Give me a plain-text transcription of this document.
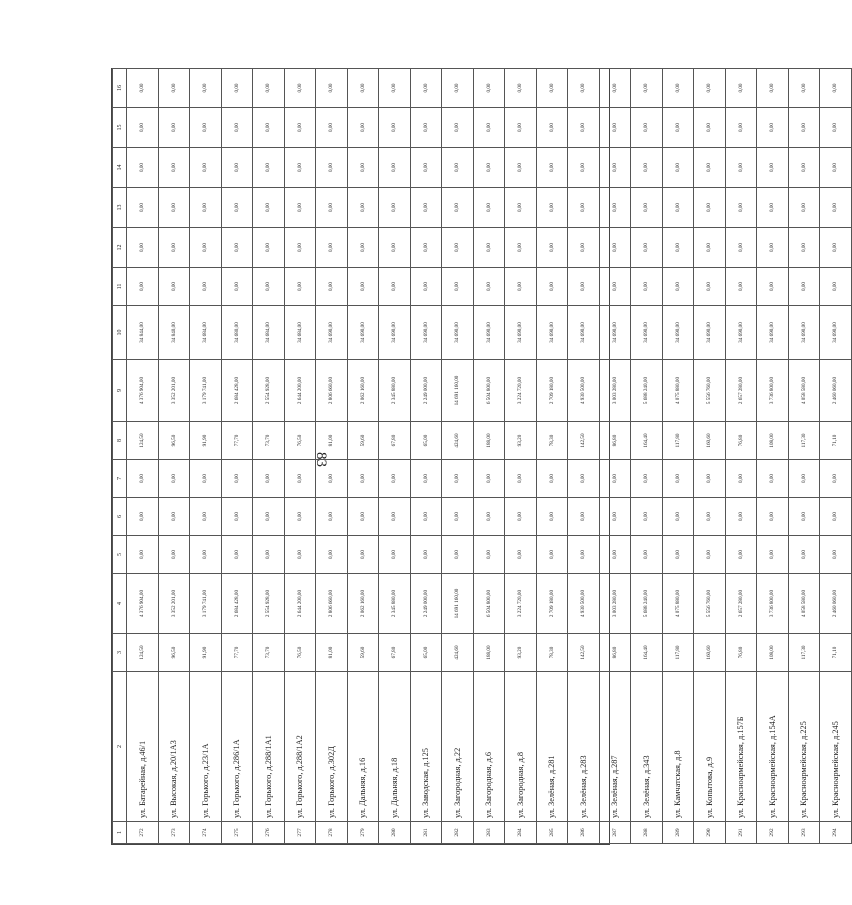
83
1	2	3	4	5	6	7	8	9	10	11	12	13	14	15	16
272	ул. Батарейная, д.46/1	124,50	4 376 904,00	0,00	0,00	0,00	124,50	4 376 904,00	34 844,00	0,00	0,00	0,00	0,00	0,00	0,00
273	ул. Высокая, д.20/1А3	96,50	3 352 201,00	0,00	0,00	0,00	96,50	3 352 201,00	34 840,00	0,00	0,00	0,00	0,00	0,00	0,00
274	ул. Горького, д.23/1А	91,90	3 179 741,00	0,00	0,00	0,00	91,90	3 179 741,00	34 684,00	0,00	0,00	0,00	0,00	0,00	0,00
275	ул. Горького, д.286/1А	77,70	2 684 428,00	0,00	0,00	0,00	77,70	2 684 428,00	34 680,00	0,00	0,00	0,00	0,00	0,00	0,00
276	ул. Горького, д.288/1А1	73,70	2 554 928,00	0,00	0,00	0,00	73,70	2 554 928,00	34 684,00	0,00	0,00	0,00	0,00	0,00	0,00
277	ул. Горького, д.288/1А2	76,50	2 644 200,00	0,00	0,00	0,00	76,50	2 644 200,00	34 684,00	0,00	0,00	0,00	0,00	0,00	0,00
278	ул. Горького, д.302Д	81,00	2 806 660,00	0,00	0,00	0,00	81,00	2 806 660,00	34 690,00	0,00	0,00	0,00	0,00	0,00	0,00
279	ул. Дальняя, д.16	59,60	2 062 160,00	0,00	0,00	0,00	59,60	2 062 160,00	34 690,00	0,00	0,00	0,00	0,00	0,00	0,00
280	ул. Дальняя, д.18	67,80	2 345 880,00	0,00	0,00	0,00	67,80	2 345 880,00	34 690,00	0,00	0,00	0,00	0,00	0,00	0,00
281	ул. Заводская, д.125	65,00	2 249 000,00	0,00	0,00	0,00	65,00	2 249 000,00	34 690,00	0,00	0,00	0,00	0,00	0,00	0,00
282	ул. Загородная, д.22	424,60	14 691 160,00	0,00	0,00	0,00	424,60	14 691 160,00	34 690,00	0,00	0,00	0,00	0,00	0,00	0,00
283	ул. Загородная, д.6	188,00	6 504 800,00	0,00	0,00	0,00	188,00	6 504 800,00	34 690,00	0,00	0,00	0,00	0,00	0,00	0,00
284	ул. Загородная, д.8	93,20	3 224 720,00	0,00	0,00	0,00	93,20	3 224 720,00	34 690,00	0,00	0,00	0,00	0,00	0,00	0,00
285	ул. Зелёная, д.281	78,30	2 709 180,00	0,00	0,00	0,00	78,30	2 709 180,00	34 690,00	0,00	0,00	0,00	0,00	0,00	0,00
286	ул. Зелёная, д.283	142,50	4 930 500,00	0,00	0,00	0,00	142,50	4 930 500,00	34 690,00	0,00	0,00	0,00	0,00	0,00	0,00
287	ул. Зелёная, д.287	86,80	3 003 280,00	0,00	0,00	0,00	86,80	3 003 280,00	34 690,00	0,00	0,00	0,00	0,00	0,00	0,00
288	ул. Зелёная, д.343	164,40	5 688 240,00	0,00	0,00	0,00	164,40	5 688 240,00	34 690,00	0,00	0,00	0,00	0,00	0,00	0,00
289	ул. Камчатская, д.8	117,80	4 075 880,00	0,00	0,00	0,00	117,80	4 075 880,00	34 690,00	0,00	0,00	0,00	0,00	0,00	0,00
290	ул. Копытова, д.9	160,60	5 556 760,00	0,00	0,00	0,00	160,60	5 556 760,00	34 690,00	0,00	0,00	0,00	0,00	0,00	0,00
291	ул. Красноармейская, д.157Б	76,80	2 657 280,00	0,00	0,00	0,00	76,80	2 657 280,00	34 690,00	0,00	0,00	0,00	0,00	0,00	0,00
292	ул. Красноармейская, д.154А	108,00	3 736 800,00	0,00	0,00	0,00	108,00	3 736 800,00	34 690,00	0,00	0,00	0,00	0,00	0,00	0,00
293	ул. Красноармейская, д.225	117,30	4 058 580,00	0,00	0,00	0,00	117,30	4 058 580,00	34 690,00	0,00	0,00	0,00	0,00	0,00	0,00
294	ул. Красноармейская, д.245	71,10	2 460 060,00	0,00	0,00	0,00	71,10	2 460 060,00	34 690,00	0,00	0,00	0,00	0,00	0,00	0,00
